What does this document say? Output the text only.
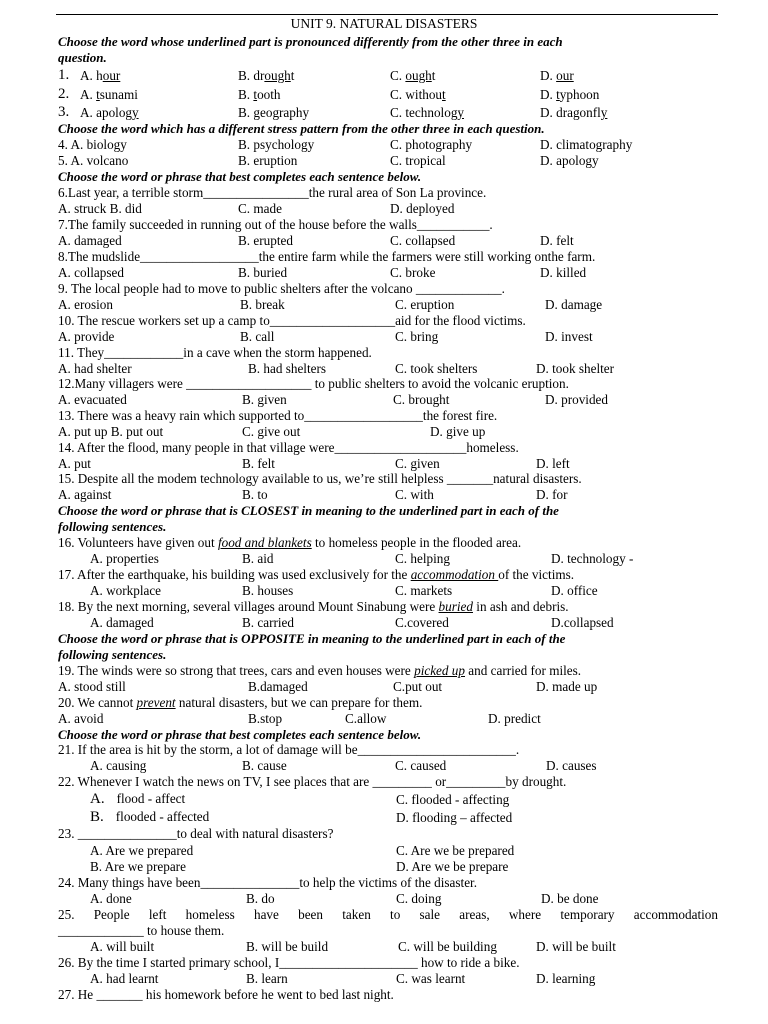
UNIT 9. NATURAL DISASTERS
Choose the word whose underlined part is pronounced differently from the other three in each
question.
1. A. hour	B. drought	C. ought	D. our
2. A. tsunami	B. tooth	C. without	D. typhoon
3. A. apology	B. geography	C. technology	D. dragonfly
Choose the word which has a different stress pattern from the other three in each question.
4. A. biology	B. psychology	C. photography	D. climatography
5. A. volcano	B. eruption	C. tropical	D. apology
Choose the word or phrase that best completes each sentence below.
6.Last year, a terrible storm________________the rural area of Son La province.
A. struck B. did	C. made	D. deployed
7.The family succeeded in running out of the house before the walls___________.
A. damaged	B. erupted	C. collapsed	D. felt
8.The mudslide__________________the entire farm while the farmers were still working onthe farm.
A. collapsed	B. buried	C. broke	D. killed
9. The local people had to move to public shelters after the volcano _____________.
A. erosion	B. break	C. eruption	D. damage
10. The rescue workers set up a camp to___________________aid for the flood victims.
A. provide	B. call	C. bring	D. invest
11. They____________in a cave when the storm happened.
A. had shelter	B. had shelters	C. took shelters	D. took shelter
12.Many villagers were ___________________ to public shelters to avoid the volcanic eruption.
A. evacuated	B. given	C. brought	D. provided
13. There was a heavy rain which supported to__________________the forest fire.
A. put up B. put out	C. give out	D. give up
14. After the flood, many people in that village were____________________homeless.
A. put	B. felt	C. given	D. left
15. Despite all the modem technology available to us, we’re still helpless _______natural disasters.
A. against	B. to	C. with	D. for
Choose the word or phrase that is CLOSEST in meaning to the underlined part in each of the
following sentences.
16. Volunteers have given out food and blankets to homeless people in the flooded area.
A. properties	B. aid	C. helping	D. technology -
17. After the earthquake, his building was used exclusively for the accommodation of the victims.
A. workplace	B. houses	C. markets	D. office
18. By the next morning, several villages around Mount Sinabung were buried in ash and debris.
A. damaged	B. carried	C.covered	D.collapsed
Choose the word or phrase that is OPPOSITE in meaning to the underlined part in each of the
following sentences.
19. The winds were so strong that trees, cars and even houses were picked up and carried for miles.
A. stood still	B.damaged	C.put out	D. made up
20. We cannot prevent natural disasters, but we can prepare for them.
A. avoid	B.stop	C.allow	D. predict
Choose the word or phrase that best completes each sentence below.
21. If the area is hit by the storm, a lot of damage will be________________________.
A. causing	B. cause	C. caused	D. causes
22. Whenever I watch the news on TV, I see places that are _________ or_________by drought.
A. flood - affect	C. flooded - affecting
B. flooded - affected	D. flooding – affected
23. _______________to deal with natural disasters?
A. Are we prepared	C. Are we be prepared
B. Are we prepare	D. Are we be prepare
24. Many things have been_______________to help the victims of the disaster.
A. done	B. do	C. doing	D. be done
25. People left homeless have been taken to sale areas, where temporary accommodation
_____________ to house them.
A. will built	B. will be build	C. will be building	D. will be built
26. By the time I started primary school, I_____________________ how to ride a bike.
A. had learnt	B. learn	C. was learnt	D. learning
27. He _______ his homework before he went to bed last night.
